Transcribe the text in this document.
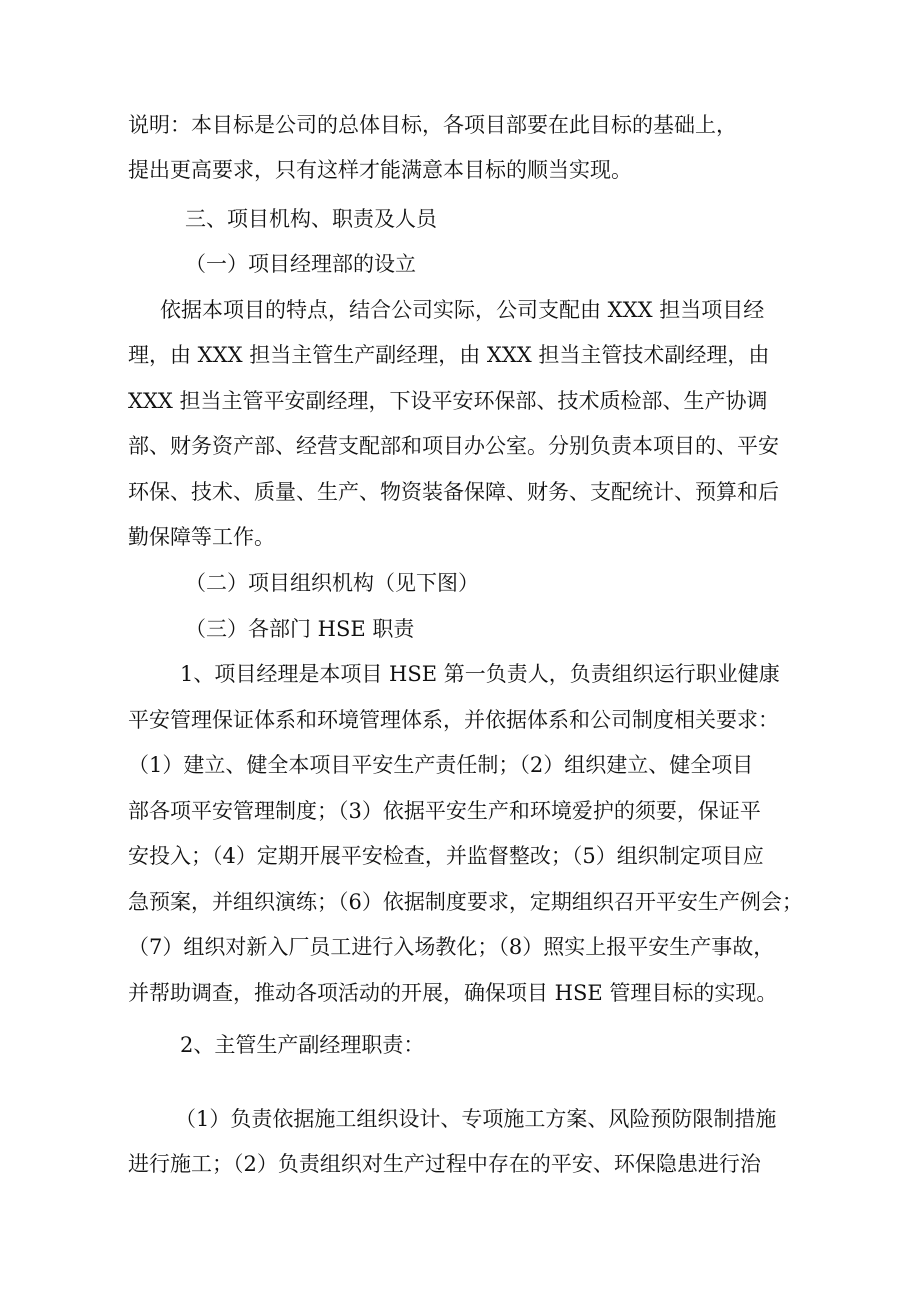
说明：本目标是公司的总体目标，各项目部要在此目标的基础上，
提出更高要求，只有这样才能满意本目标的顺当实现。
三、项目机构、职责及人员
（一）项目经理部的设立
依据本项目的特点，结合公司实际，公司支配由 XXX 担当项目经
理，由 XXX 担当主管生产副经理，由 XXX 担当主管技术副经理，由
XXX 担当主管平安副经理，下设平安环保部、技术质检部、生产协调
部、财务资产部、经营支配部和项目办公室。分别负责本项目的、平安
环保、技术、质量、生产、物资装备保障、财务、支配统计、预算和后
勤保障等工作。
（二）项目组织机构（见下图）
（三）各部门 HSE 职责
1、项目经理是本项目 HSE 第一负责人，负责组织运行职业健康
平安管理保证体系和环境管理体系，并依据体系和公司制度相关要求：
（1）建立、健全本项目平安生产责任制；（2）组织建立、健全项目
部各项平安管理制度；（3）依据平安生产和环境爱护的须要，保证平
安投入；（4）定期开展平安检查，并监督整改；（5）组织制定项目应
急预案，并组织演练；（6）依据制度要求，定期组织召开平安生产例会；
（7）组织对新入厂员工进行入场教化；（8）照实上报平安生产事故，
并帮助调查，推动各项活动的开展，确保项目 HSE 管理目标的实现。
2、主管生产副经理职责：
（1）负责依据施工组织设计、专项施工方案、风险预防限制措施
进行施工；（2）负责组织对生产过程中存在的平安、环保隐患进行治
